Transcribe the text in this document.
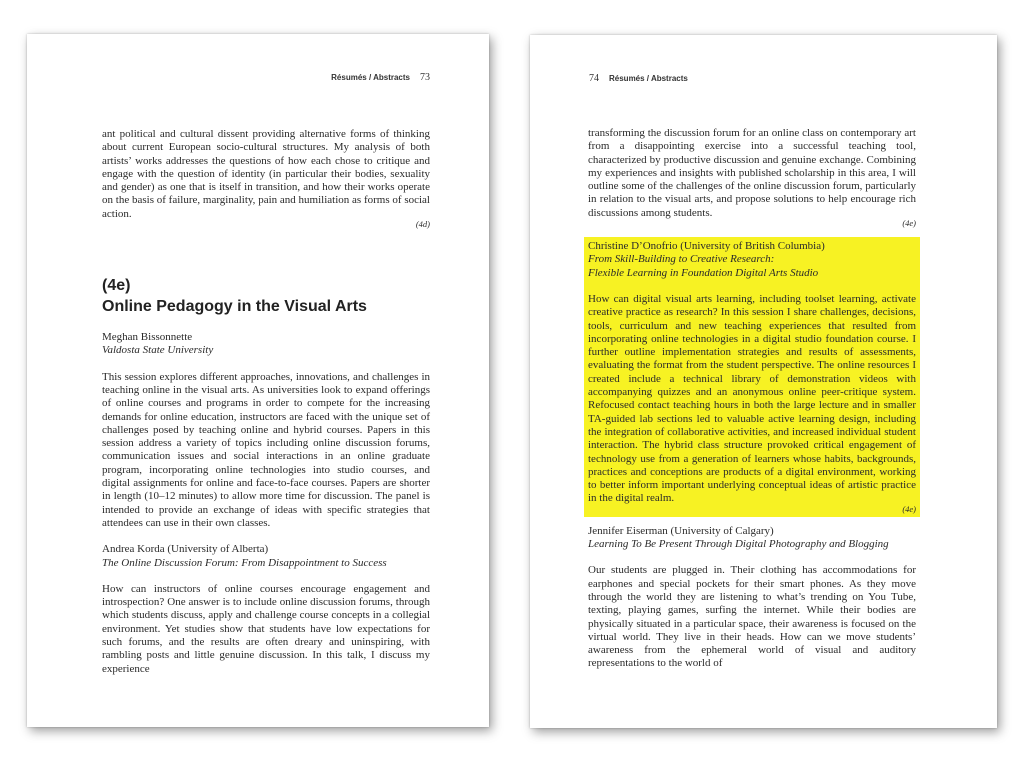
Résumés / Abstracts 73

ant political and cultural dissent providing alternative forms of thinking about current European socio-cultural structures. My analysis of both artists’ works addresses the questions of how each chose to critique and engage with the question of identity (in particular their bodies, sexuality and gender) as one that is itself in transition, and how their works operate on the basis of failure, marginality, pain and humiliation as forms of social action.

(4d)

(4e)
Online Pedagogy in the Visual Arts

Meghan Bissonnette

Valdosta State University

This session explores different approaches, innovations, and challenges in teaching online in the visual arts. As universities look to expand offerings of online courses and programs in order to compete for the increasing demands for online education, instructors are faced with the unique set of challenges posed by teaching online and hybrid courses. Papers in this session address a variety of topics including online discussion forums, communication issues and social interactions in an online graduate program, incorporating online technologies into studio courses, and digital assignments for online and face-to-face courses. Papers are shorter in length (10–12 minutes) to allow more time for discussion. The panel is intended to provide an exchange of ideas with specific strategies that attendees can use in their own classes.

Andrea Korda (University of Alberta)

The Online Discussion Forum: From Disappointment to Success

How can instructors of online courses encourage engagement and introspection? One answer is to include online discussion forums, through which students discuss, apply and challenge course concepts in a collegial environment. Yet studies show that students have low expectations for such forums, and the results are often dreary and uninspiring, with rambling posts and little genuine discussion. In this talk, I discuss my experience

74 Résumés / Abstracts

transforming the discussion forum for an online class on contemporary art from a disappointing exercise into a successful teaching tool, characterized by productive discussion and genuine exchange. Combining my experiences and insights with published scholarship in this area, I will outline some of the challenges of the online discussion forum, particularly in relation to the visual arts, and propose solutions to help encourage rich discussions among students.

(4e)

Christine D’Onofrio (University of British Columbia)

From Skill-Building to Creative Research:

Flexible Learning in Foundation Digital Arts Studio

How can digital visual arts learning, including toolset learning, activate creative practice as research? In this session I share challenges, decisions, tools, curriculum and new teaching experiences that resulted from incorporating online technologies in a digital studio foundation course. I further outline implementation strategies and results of assessments, evaluating the format from the student perspective. The online resources I created include a technical library of demonstration videos with accompanying quizzes and an anonymous online peer-critique system. Refocused contact teaching hours in both the large lecture and in smaller TA-guided lab sections led to valuable active learning design, including the integration of collaborative activities, and increased individual student interaction. The hybrid class structure provoked critical engagement of technology use from a generation of learners whose habits, backgrounds, practices and conceptions are products of a digital environment, working to better inform important underlying conceptual ideas of artistic practice in the digital realm.

(4e)

Jennifer Eiserman (University of Calgary)

Learning To Be Present Through Digital Photography and Blogging

Our students are plugged in. Their clothing has accommodations for earphones and special pockets for their smart phones. As they move through the world they are listening to what’s trending on You Tube, texting, playing games, surfing the internet. While their bodies are physically situated in a particular space, their awareness is focused on the virtual world. They live in their heads. How can we move students’ awareness from the ephemeral world of visual and auditory representations to the world of
